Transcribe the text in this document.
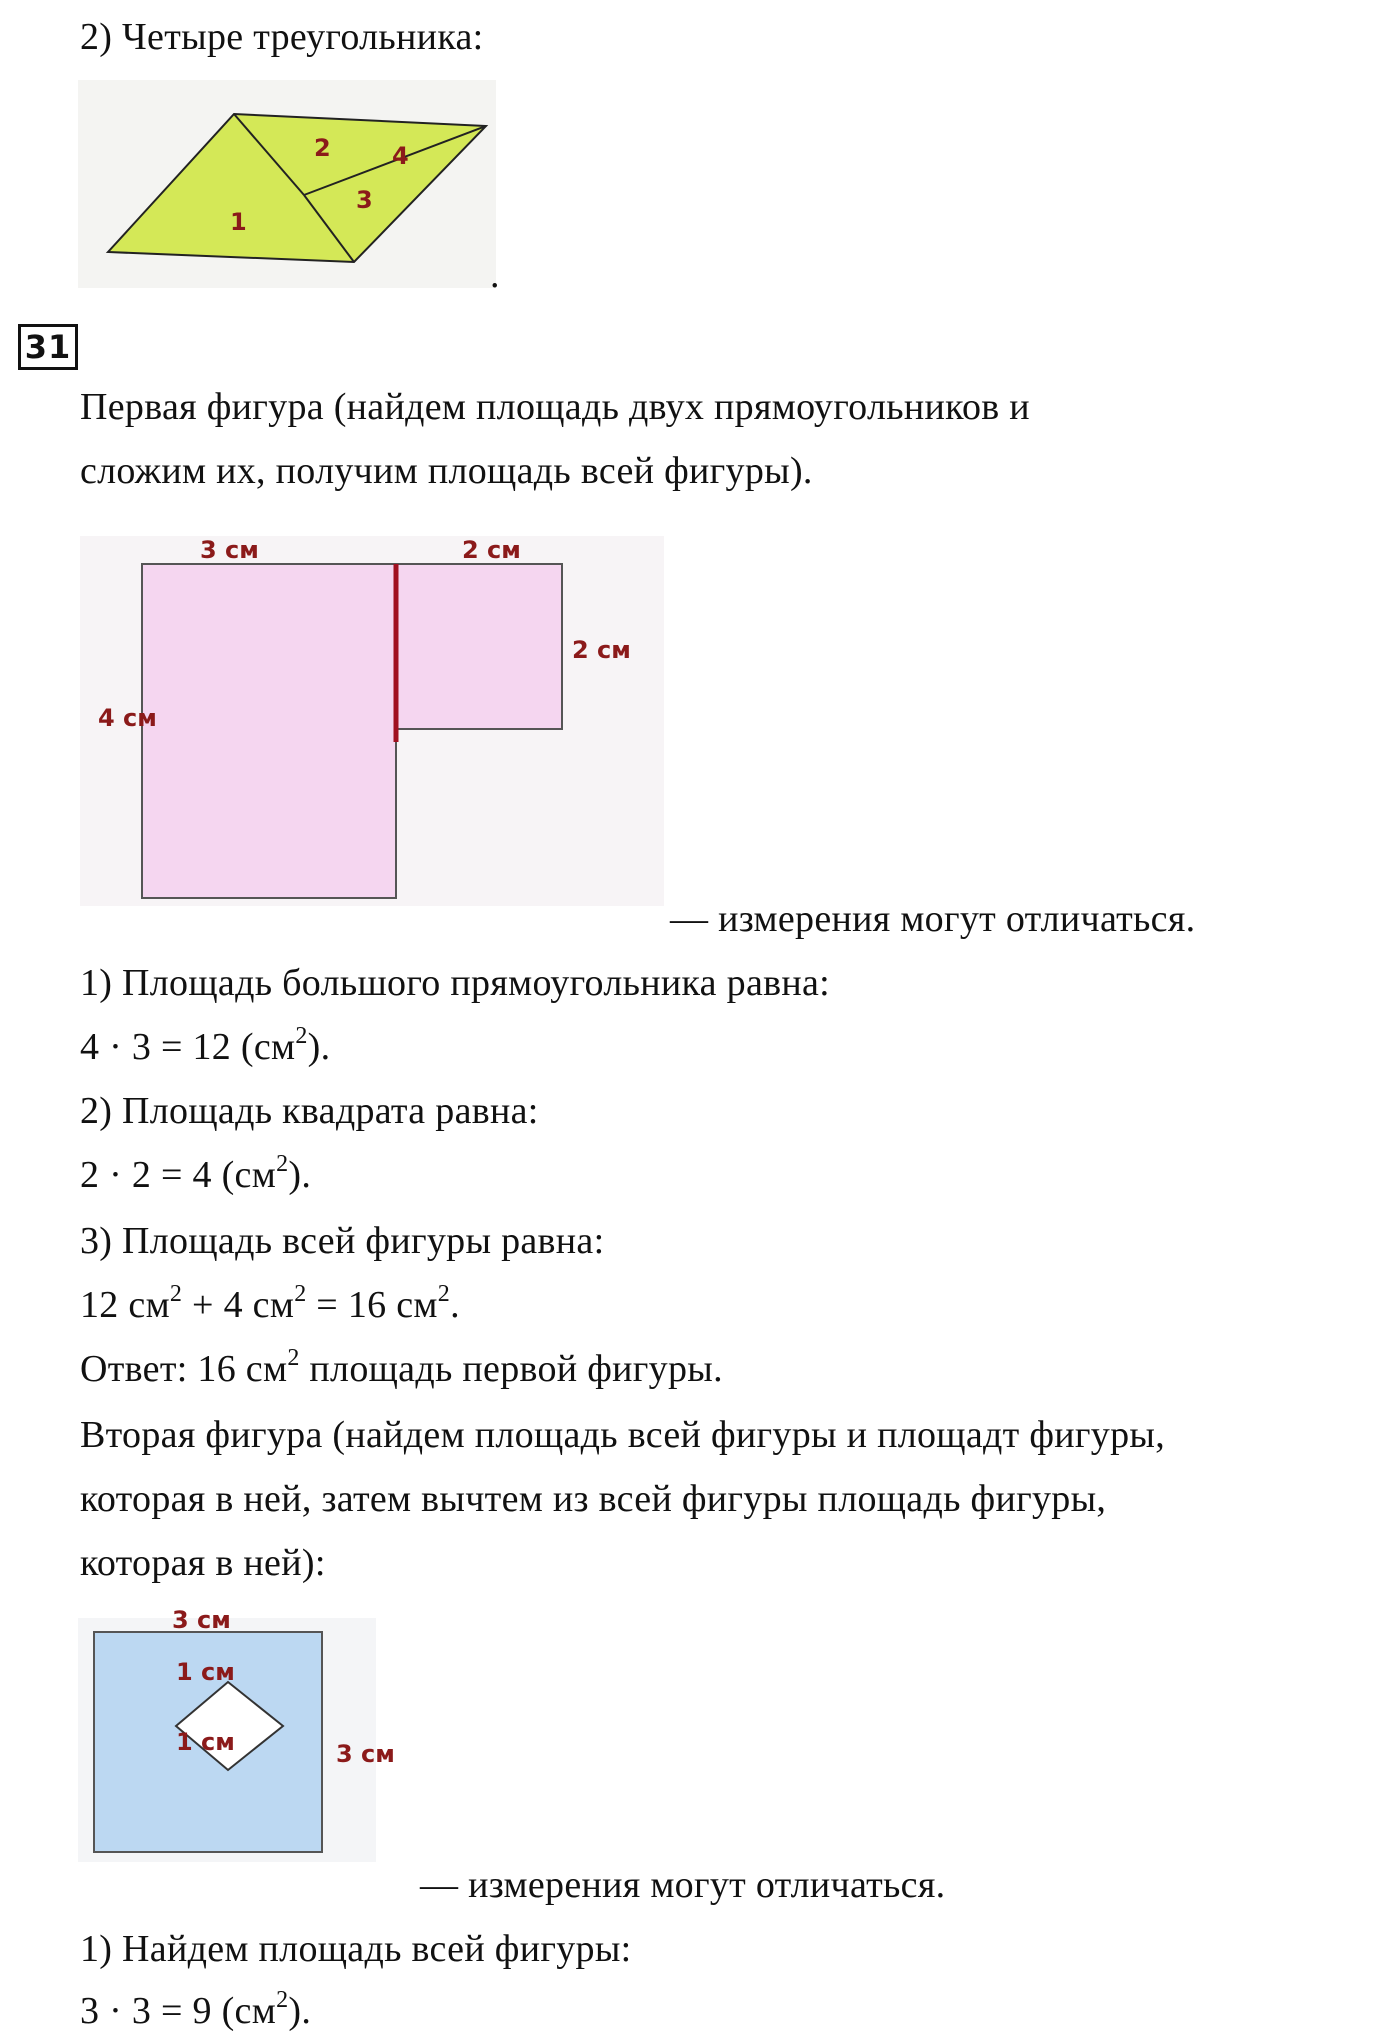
2) Четыре треугольника:
1
2
3
4
.
31
Первая фигура (найдем площадь двух прямоугольников и
сложим их, получим площадь всей фигуры).
3 см	2 см
2 см
4 см
— измерения могут отличаться.
1) Площадь большого прямоугольника равна:
4 · 3 = 12 $(см^2)$.
2) Площадь квадрата равна:
2 · 2 = 4 $(см^2)$.
3) Площадь всей фигуры равна:
12 $см^2 + 4$ $см^2 = 16$ $см^2$.
Ответ: 16 $см^2$ площадь первой фигуры.
Вторая фигура (найдем площадь всей фигуры и площадт фигуры,
которая в ней, затем вычтем из всей фигуры площадь фигуры,
которая в ней):
3 см
1 см
1 см	3 см
— измерения могут отличаться.
1) Найдем площадь всей фигуры:
3 · 3 = 9 $(см^2)$.
